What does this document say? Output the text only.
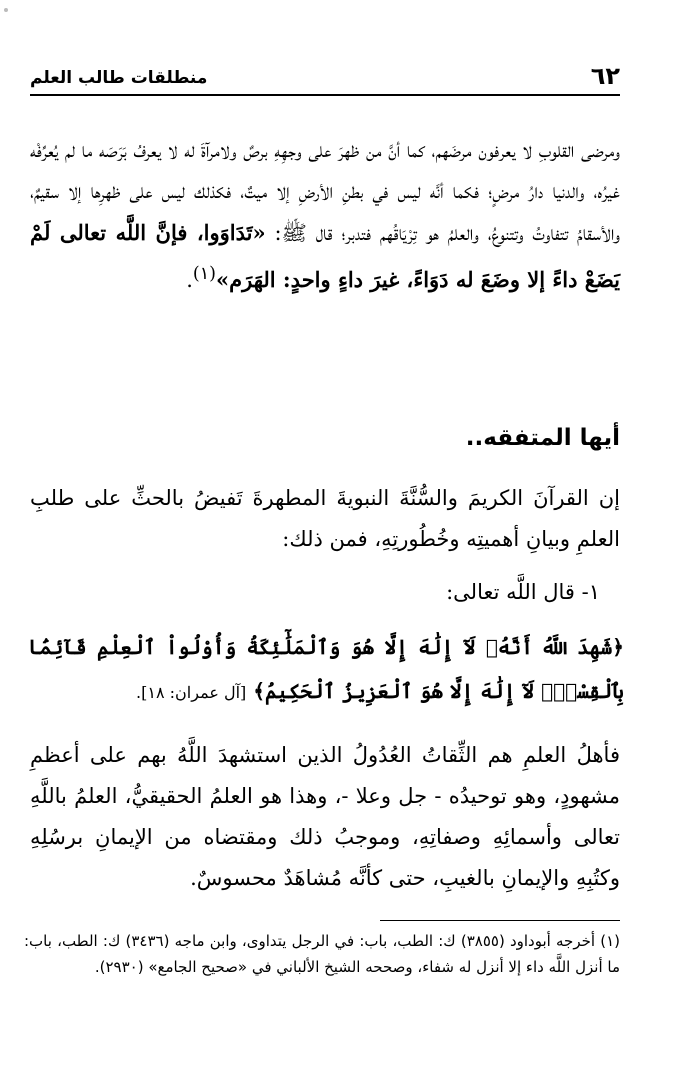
٦٢
منطلقات طالب العلم
ومرضى القلوبِ لا يعرفون مرضَهم، كما أنَّ من ظهرَ على وجهِهِ برصٌ ولامرآةَ له لا يعرفُ بَرَصَه ما لم يُعرِّفْه غيرُه، والدنيا دارُ مرضٍ؛ فكما أنَّه ليس في بطنِ الأرضِ إلا ميتٌ، فكذلك ليس على ظهرِها إلا سقيمٌ، والأسقامُ تتفاوتُ وتتنوعُ، والعلمُ هو تِرْيَاقُهم فتدبر؛ قال ﷺ: «تَدَاوَوا، فإنَّ اللَّه تعالى لَمْ يَضَعْ داءً إلا وضَعَ له دَوَاءً، غيرَ داءٍ واحدٍ: الهَرَم»$^{(١)}$.
أيها المتفقه..
إن القرآنَ الكريمَ والسُّنَّةَ النبويةَ المطهرةَ تَفيضُ بالحثِّ على طلبِ العلمِ وبيانِ أهميتِه وخُطُورتِهِ، فمن ذلك:
١- قال اللَّه تعالى:
﴿شَهِدَ اللَّهُ أَنَّهُۥ لَآ إِلَٰهَ إِلَّا هُوَ وَٱلْمَلَٰٓئِكَةُ وَأُوْلُواْ ٱلْعِلْمِ قَآئِمَۢا بِٱلْقِسْطِۚ لَآ إِلَٰهَ إِلَّا هُوَ ٱلْعَزِيزُ ٱلْحَكِيمُ﴾ [آل عمران: ١٨].
فأهلُ العلمِ هم الثِّقاتُ العُدُولُ الذين استشهدَ اللَّهُ بهم على أعظمِ مشهودٍ، وهو توحيدُه - جل وعلا -، وهذا هو العلمُ الحقيقيُّ، العلمُ باللَّهِ تعالى وأسمائِهِ وصفاتِهِ، وموجبُ ذلك ومقتضاه من الإيمانِ برسُلِهِ وكتُبِهِ والإيمانِ بالغيبِ، حتى كأنَّه مُشاهَدٌ محسوسٌ.
(١) أخرجه أبوداود (٣٨٥٥) ك: الطب، باب: في الرجل يتداوى، وابن ماجه (٣٤٣٦) ك: الطب، باب: ما أنزل اللَّه داء إلا أنزل له شفاء، وصححه الشيخ الألباني في «صحيح الجامع» (٢٩٣٠).
